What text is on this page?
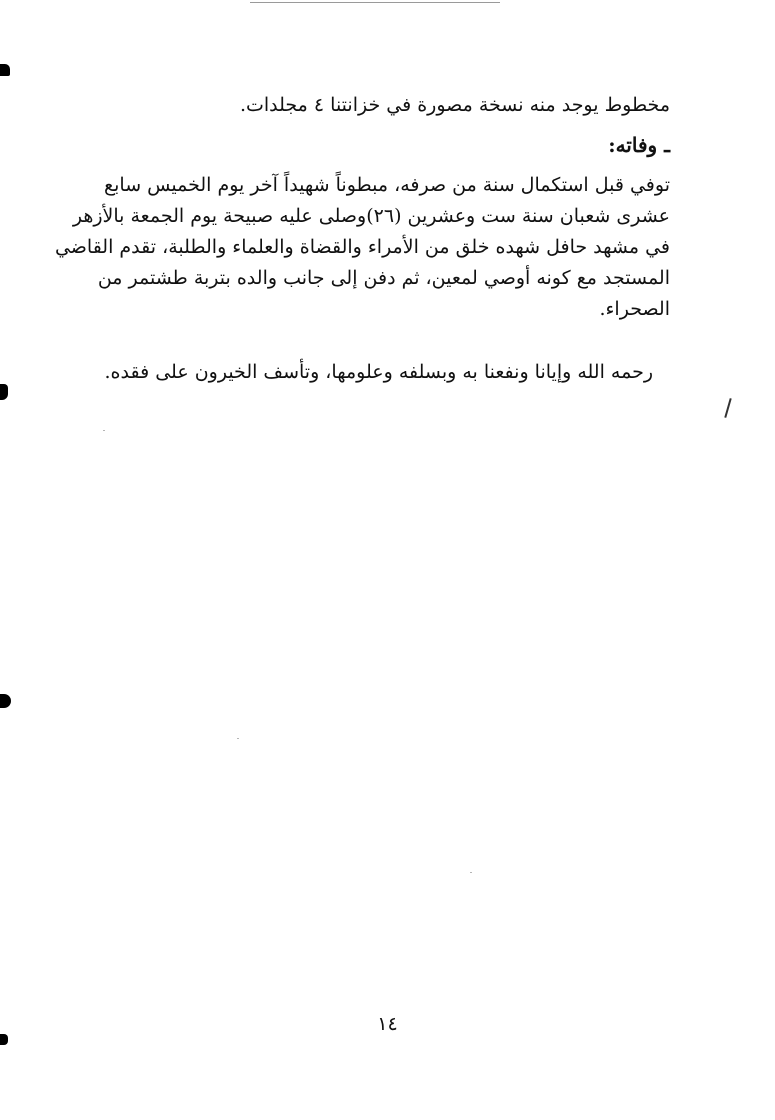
مخطوط يوجد منه نسخة مصورة في خزانتنا ٤ مجلدات.
ـ وفاته:
توفي قبل استكمال سنة من صرفه، مبطوناً شهيداً آخر يوم الخميس سابع
عشرى شعبان سنة ست وعشرين (٢٦)وصلى عليه صبيحة يوم الجمعة بالأزهر
في مشهد حافل شهده خلق من الأمراء والقضاة والعلماء والطلبة، تقدم القاضي
المستجد مع كونه أوصي لمعين، ثم دفن إلى جانب والده بتربة طشتمر من
الصحراء.
رحمه الله وإيانا ونفعنا به وبسلفه وعلومها، وتأسف الخيرون على فقده.
١٤
